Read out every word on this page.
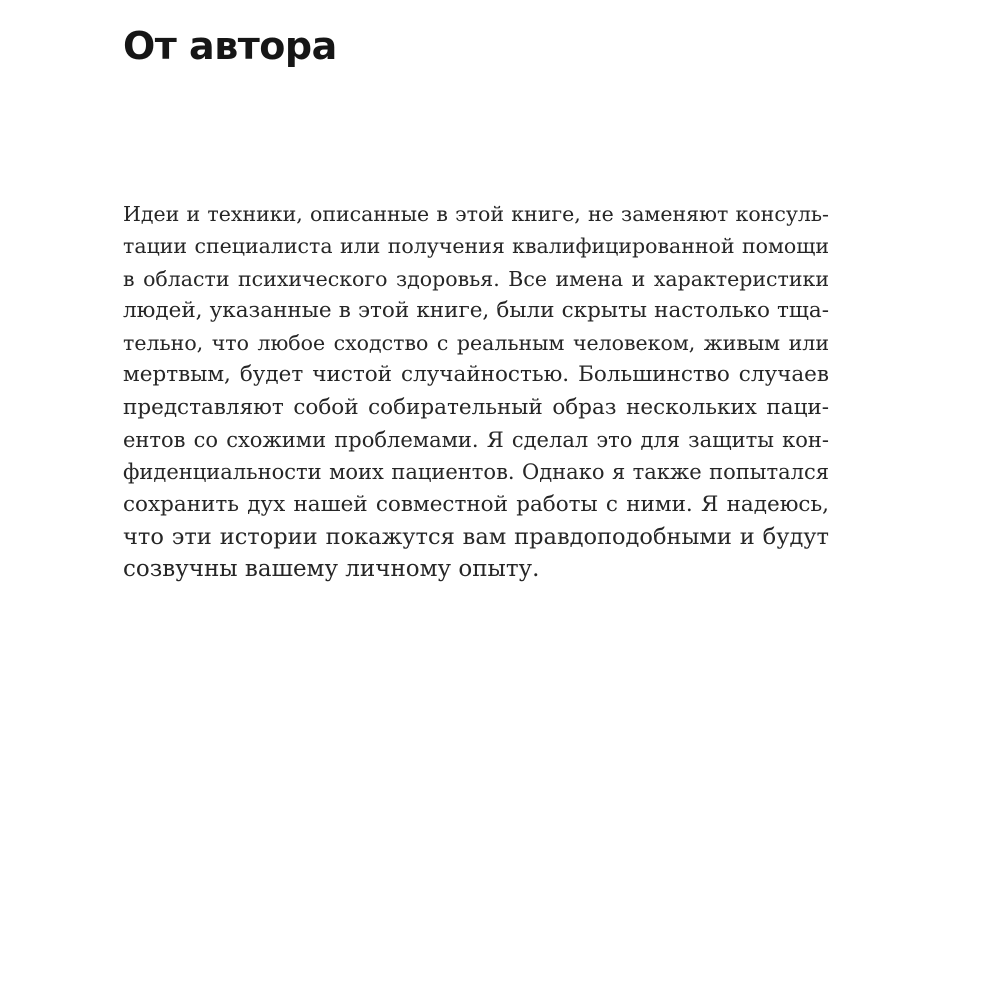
От автора
Идеи и техники, описанные в этой книге, не заменяют консуль-
тации специалиста или получения квалифицированной помощи
в области психического здоровья. Все имена и характеристики
людей, указанные в этой книге, были скрыты настолько тща-
тельно, что любое сходство с реальным человеком, живым или
мертвым, будет чистой случайностью. Большинство случаев
представляют собой собирательный образ нескольких паци-
ентов со схожими проблемами. Я сделал это для защиты кон-
фиденциальности моих пациентов. Однако я также попытался
сохранить дух нашей совместной работы с ними. Я надеюсь,
что эти истории покажутся вам правдоподобными и будут
созвучны вашему личному опыту.
